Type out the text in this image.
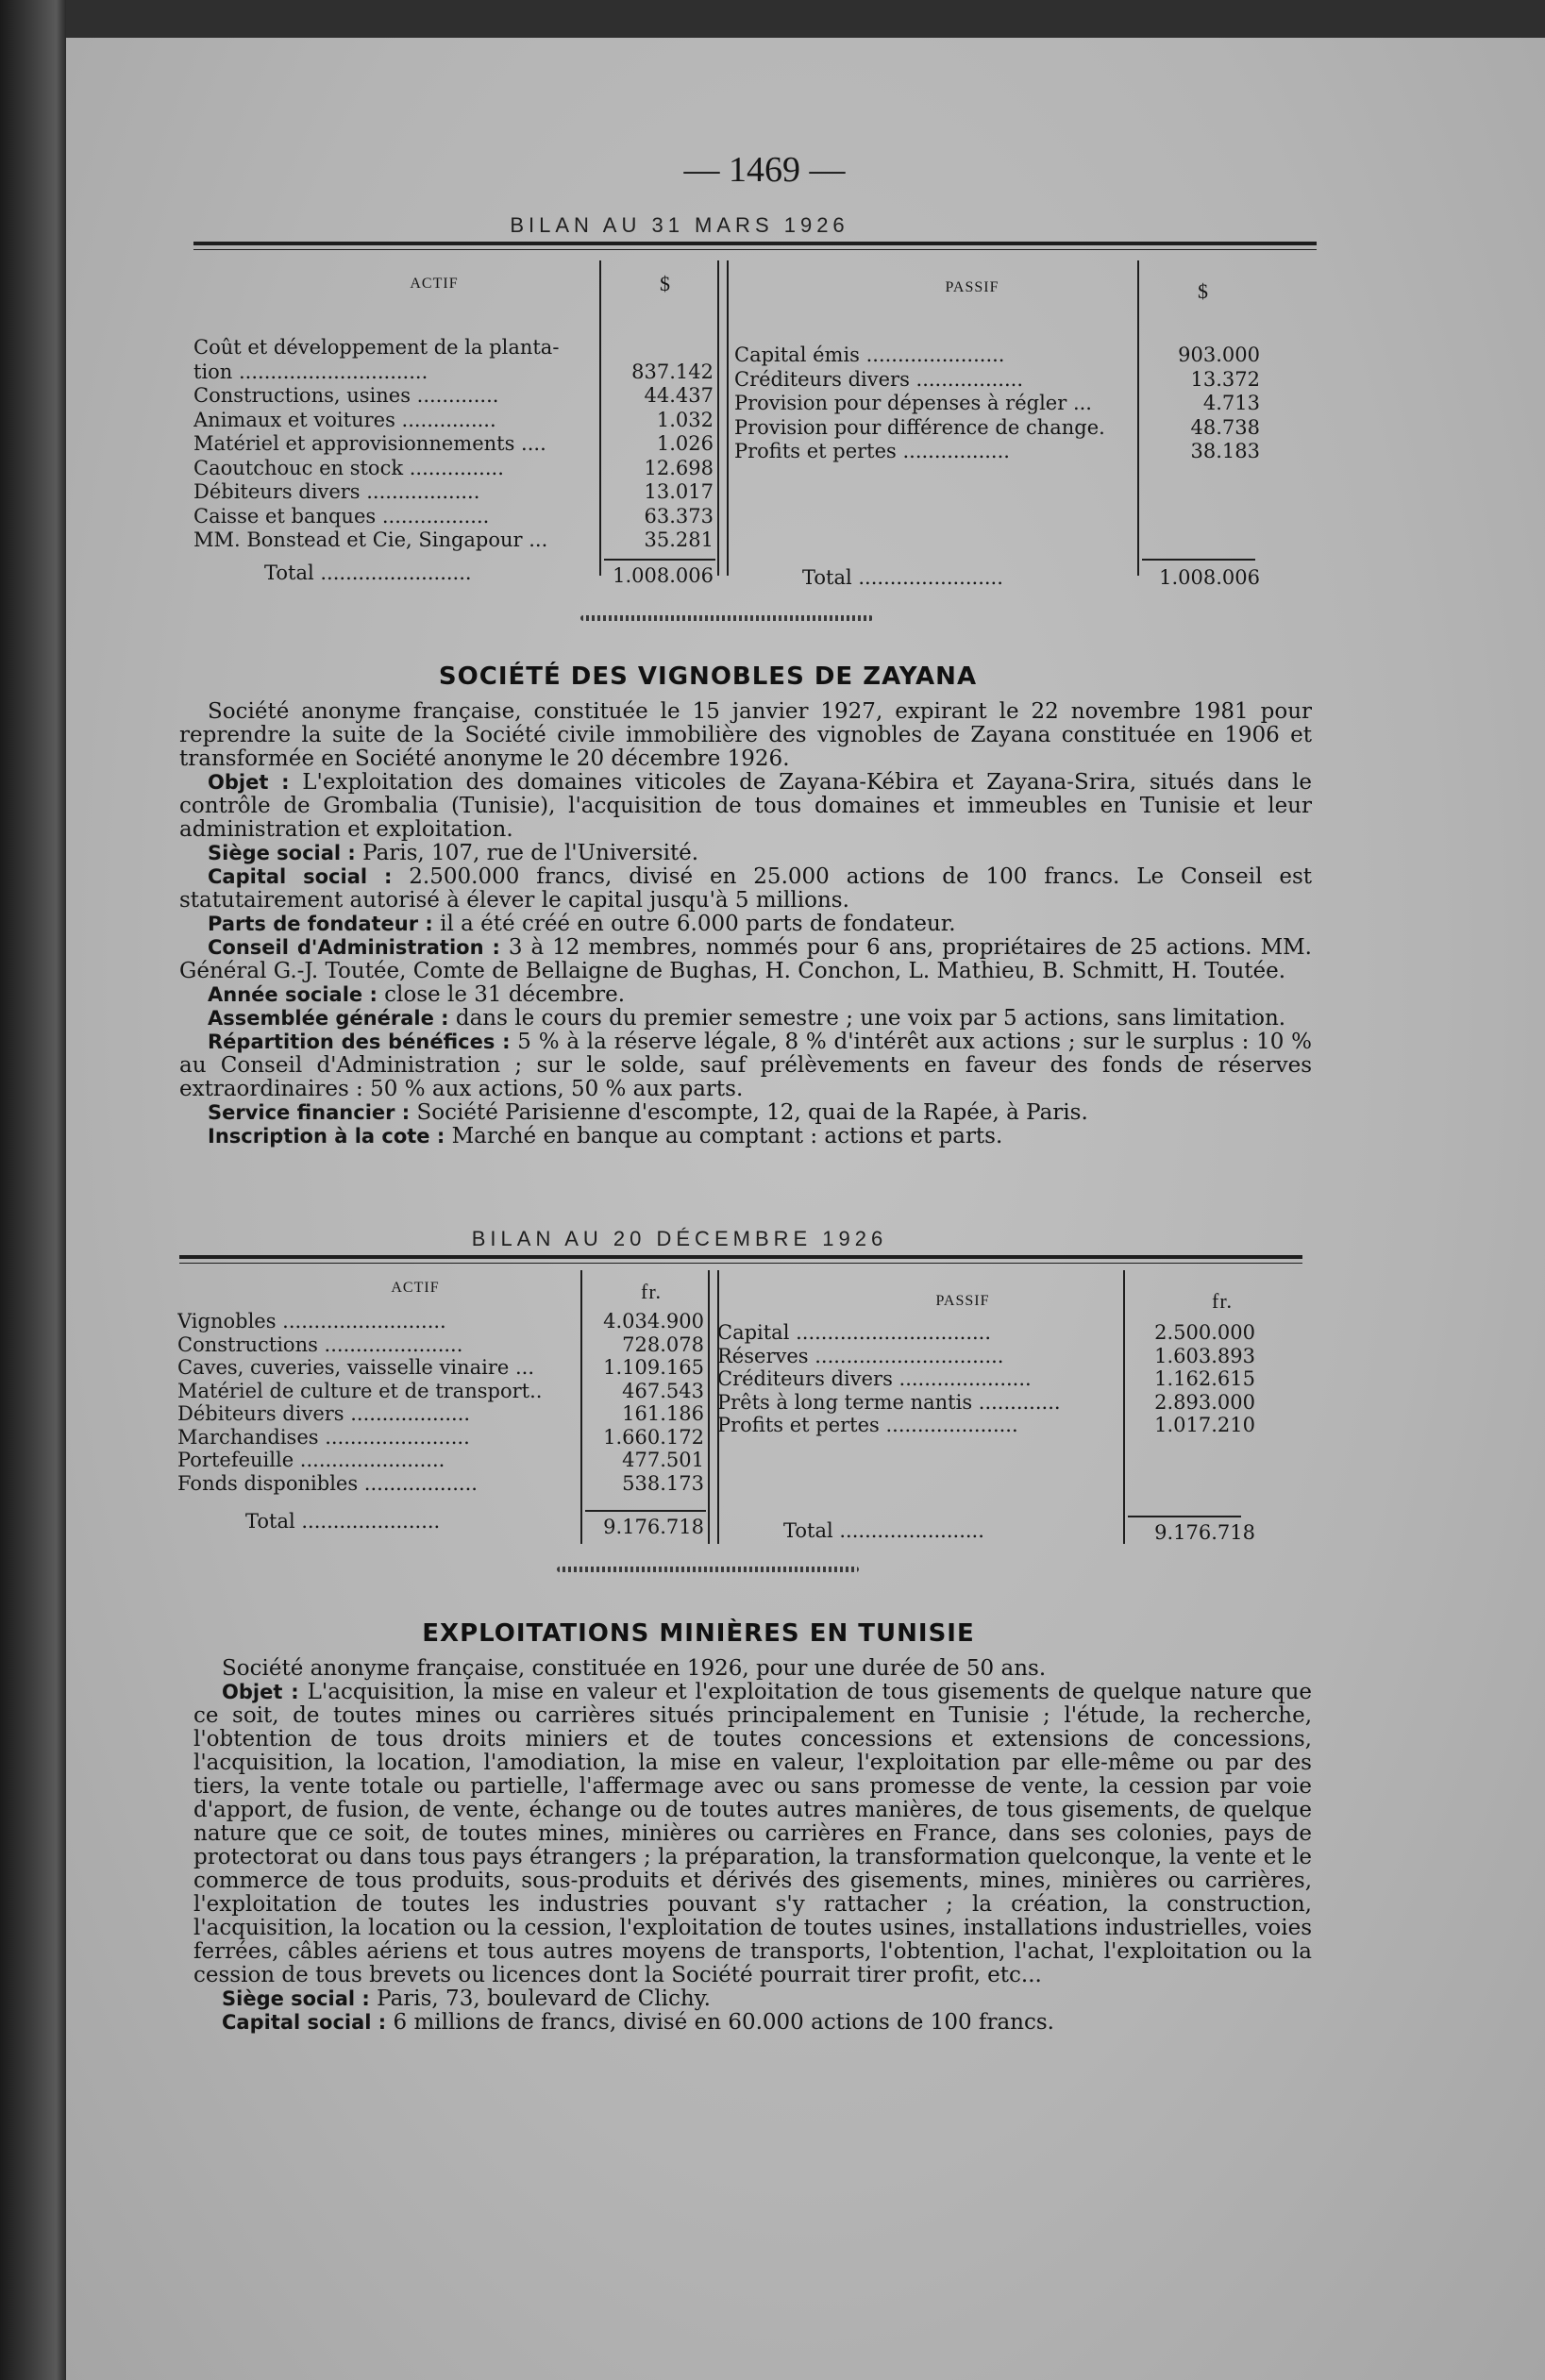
— 1469 —
BILAN AU 31 MARS 1926
ACTIF	$	PASSIF	$
Coût et développement de la planta-
tion ..............................	837.142
Constructions, usines .............	44.437
Animaux et voitures ...............	1.032
Matériel et approvisionnements ....	1.026
Caoutchouc en stock ...............	12.698
Débiteurs divers ..................	13.017
Caisse et banques .................	63.373
MM. Bonstead et Cie, Singapour ...	35.281
Capital émis ......................	903.000
Créditeurs divers .................	13.372
Provision pour dépenses à régler ...	4.713
Provision pour différence de change.	48.738
Profits et pertes .................	38.183
Total ........................	1.008.006	Total .......................	1.008.006
SOCIÉTÉ DES VIGNOBLES DE ZAYANA

Société anonyme française, constituée le 15 janvier 1927, expirant le 22 novembre 1981 pour reprendre la suite de la Société civile immobilière des vignobles de Zayana constituée en 1906 et transformée en Société anonyme le 20 décembre 1926.

Objet : L'exploitation des domaines viticoles de Zayana-Kébira et Zayana-Srira, situés dans le contrôle de Grombalia (Tunisie), l'acquisition de tous domaines et immeubles en Tunisie et leur administration et exploitation.

Siège social : Paris, 107, rue de l'Université.

Capital social : 2.500.000 francs, divisé en 25.000 actions de 100 francs. Le Conseil est statutairement autorisé à élever le capital jusqu'à 5 millions.

Parts de fondateur : il a été créé en outre 6.000 parts de fondateur.

Conseil d'Administration : 3 à 12 membres, nommés pour 6 ans, propriétaires de 25 actions. MM. Général G.-J. Toutée, Comte de Bellaigne de Bughas, H. Conchon, L. Mathieu, B. Schmitt, H. Toutée.

Année sociale : close le 31 décembre.

Assemblée générale : dans le cours du premier semestre ; une voix par 5 actions, sans limitation.

Répartition des bénéfices : 5 % à la réserve légale, 8 % d'intérêt aux actions ; sur le surplus : 10 % au Conseil d'Administration ; sur le solde, sauf prélèvements en faveur des fonds de réserves extraordinaires : 50 % aux actions, 50 % aux parts.

Service financier : Société Parisienne d'escompte, 12, quai de la Rapée, à Paris.

Inscription à la cote : Marché en banque au comptant : actions et parts.

BILAN AU 20 DÉCEMBRE 1926
ACTIF	fr.	PASSIF	fr.
Vignobles ..........................	4.034.900
Constructions ......................	728.078
Caves, cuveries, vaisselle vinaire ...	1.109.165
Matériel de culture et de transport..	467.543
Débiteurs divers ...................	161.186
Marchandises .......................	1.660.172
Portefeuille .......................	477.501
Fonds disponibles ..................	538.173
Capital ...............................	2.500.000
Réserves ..............................	1.603.893
Créditeurs divers .....................	1.162.615
Prêts à long terme nantis .............	2.893.000
Profits et pertes .....................	1.017.210
Total ......................	9.176.718	Total .......................	9.176.718
EXPLOITATIONS MINIÈRES EN TUNISIE

Société anonyme française, constituée en 1926, pour une durée de 50 ans.

Objet : L'acquisition, la mise en valeur et l'exploitation de tous gisements de quelque nature que ce soit, de toutes mines ou carrières situés principalement en Tunisie ; l'étude, la recherche, l'obtention de tous droits miniers et de toutes concessions et extensions de concessions, l'acquisition, la location, l'amodiation, la mise en valeur, l'exploitation par elle-même ou par des tiers, la vente totale ou partielle, l'affermage avec ou sans promesse de vente, la cession par voie d'apport, de fusion, de vente, échange ou de toutes autres manières, de tous gisements, de quelque nature que ce soit, de toutes mines, minières ou carrières en France, dans ses colonies, pays de protectorat ou dans tous pays étrangers ; la préparation, la transformation quelconque, la vente et le commerce de tous produits, sous-produits et dérivés des gisements, mines, minières ou carrières, l'exploitation de toutes les industries pouvant s'y rattacher ; la création, la construction, l'acquisition, la location ou la cession, l'exploitation de toutes usines, installations industrielles, voies ferrées, câbles aériens et tous autres moyens de transports, l'obtention, l'achat, l'exploitation ou la cession de tous brevets ou licences dont la Société pourrait tirer profit, etc...

Siège social : Paris, 73, boulevard de Clichy.

Capital social : 6 millions de francs, divisé en 60.000 actions de 100 francs.
